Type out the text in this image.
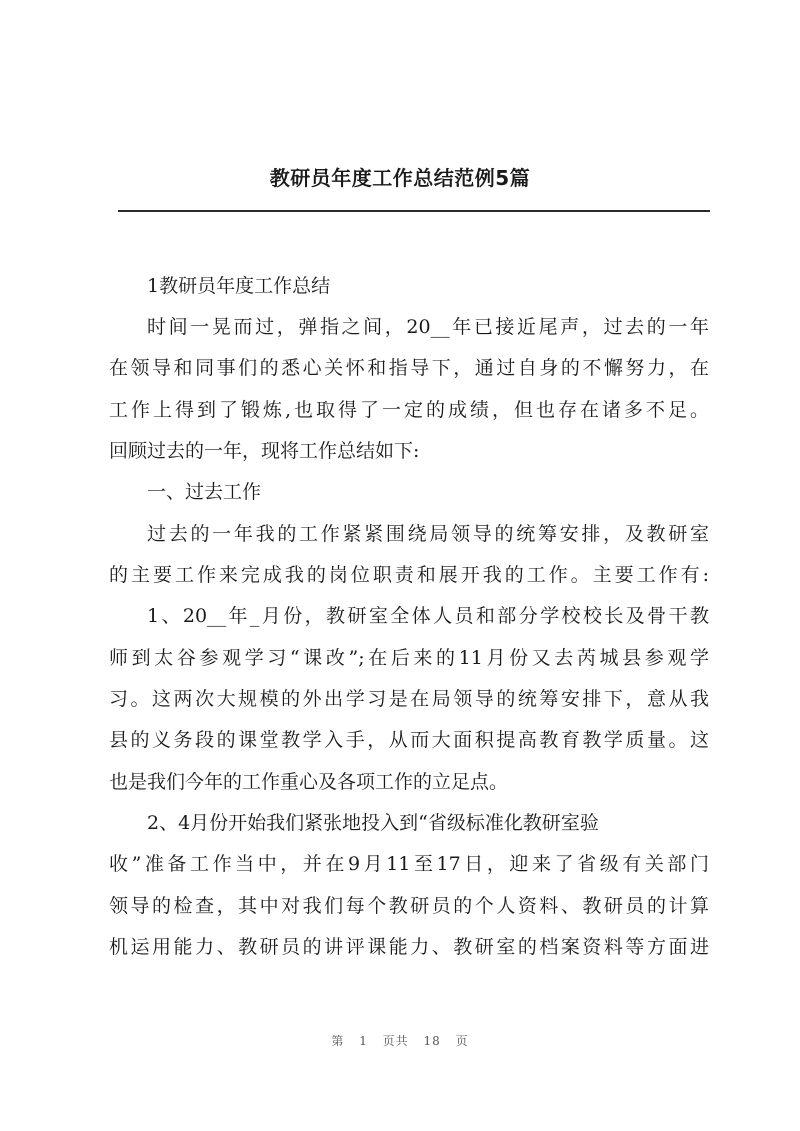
教研员年度工作总结范例5篇
1教研员年度工作总结
时间一晃而过，弹指之间，20__年已接近尾声，过去的一年
在领导和同事们的悉心关怀和指导下，通过自身的不懈努力，在
工作上得到了锻炼,也取得了一定的成绩，但也存在诸多不足。
回顾过去的一年，现将工作总结如下:
一、过去工作
过去的一年我的工作紧紧围绕局领导的统筹安排，及教研室
的主要工作来完成我的岗位职责和展开我的工作。主要工作有:
1、20__年_月份，教研室全体人员和部分学校校长及骨干教
师到太谷参观学习“课改”;在后来的11月份又去芮城县参观学
习。这两次大规模的外出学习是在局领导的统筹安排下，意从我
县的义务段的课堂教学入手，从而大面积提高教育教学质量。这
也是我们今年的工作重心及各项工作的立足点。
2、4月份开始我们紧张地投入到“省级标准化教研室验
收”准备工作当中，并在9月11至17日，迎来了省级有关部门
领导的检查，其中对我们每个教研员的个人资料、教研员的计算
机运用能力、教研员的讲评课能力、教研室的档案资料等方面进
第 1 页共 18 页
